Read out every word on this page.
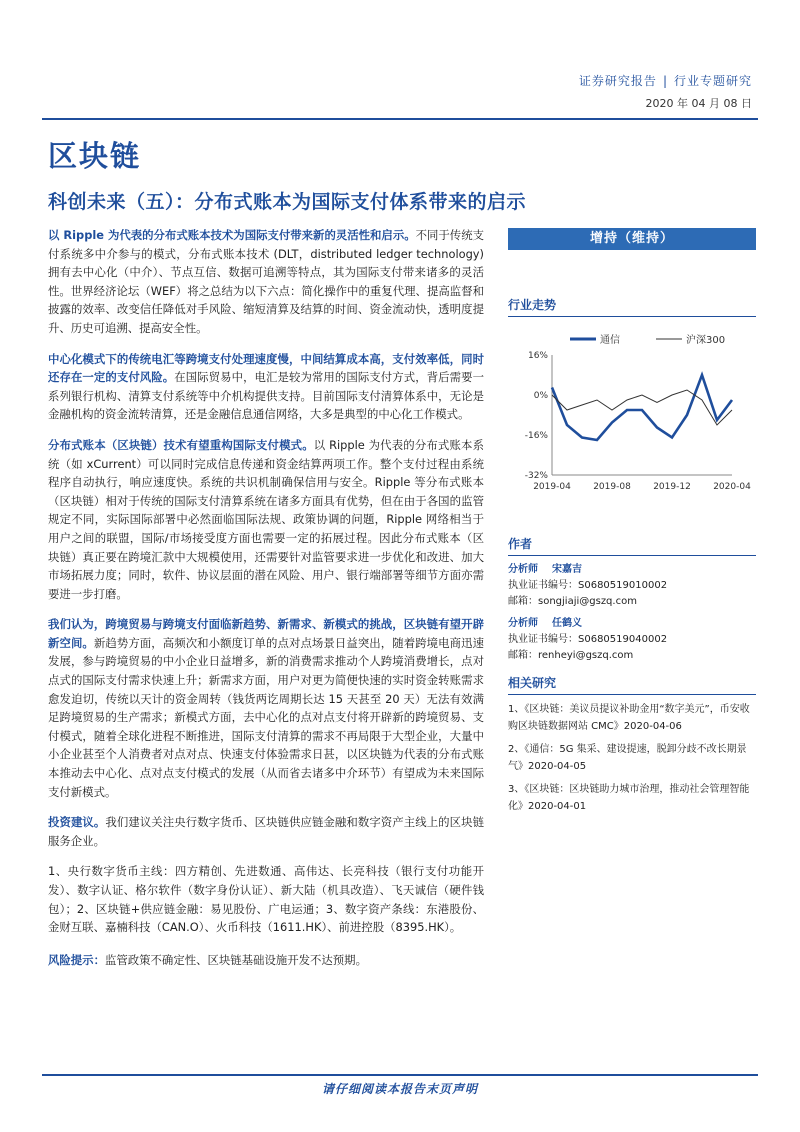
证券研究报告 | 行业专题研究
2020 年 04 月 08 日
区块链
科创未来（五）：分布式账本为国际支付体系带来的启示

以 Ripple 为代表的分布式账本技术为国际支付带来新的灵活性和启示。不同于传统支付系统多中介参与的模式，分布式账本技术 (DLT，distributed ledger technology)拥有去中心化（中介）、节点互信、数据可追溯等特点，其为国际支付带来诸多的灵活性。世界经济论坛（WEF）将之总结为以下六点：简化操作中的重复代理、提高监督和披露的效率、改变信任降低对手风险、缩短清算及结算的时间、资金流动快，透明度提升、历史可追溯、提高安全性。

中心化模式下的传统电汇等跨境支付处理速度慢，中间结算成本高，支付效率低，同时还存在一定的支付风险。在国际贸易中，电汇是较为常用的国际支付方式，背后需要一系列银行机构、清算支付系统等中介机构提供支持。目前国际支付清算体系中，无论是金融机构的资金流转清算，还是金融信息通信网络，大多是典型的中心化工作模式。

分布式账本（区块链）技术有望重构国际支付模式。以 Ripple 为代表的分布式账本系统（如 xCurrent）可以同时完成信息传递和资金结算两项工作。整个支付过程由系统程序自动执行，响应速度快。系统的共识机制确保信用与安全。Ripple 等分布式账本（区块链）相对于传统的国际支付清算系统在诸多方面具有优势，但在由于各国的监管规定不同，实际国际部署中必然面临国际法规、政策协调的问题，Ripple 网络相当于用户之间的联盟，国际/市场接受度方面也需要一定的拓展过程。因此分布式账本（区块链）真正要在跨境汇款中大规模使用，还需要针对监管要求进一步优化和改进、加大市场拓展力度；同时，软件、协议层面的潜在风险、用户、银行端部署等细节方面亦需要进一步打磨。

我们认为，跨境贸易与跨境支付面临新趋势、新需求、新模式的挑战，区块链有望开辟新空间。新趋势方面，高频次和小额度订单的点对点场景日益突出，随着跨境电商迅速发展，参与跨境贸易的中小企业日益增多，新的消费需求推动个人跨境消费增长，点对点式的国际支付需求快速上升；新需求方面，用户对更为简便快速的实时资金转账需求愈发迫切，传统以天计的资金周转（钱货两讫周期长达 15 天甚至 20 天）无法有效满足跨境贸易的生产需求；新模式方面，去中心化的点对点支付将开辟新的跨境贸易、支付模式，随着全球化进程不断推进，国际支付清算的需求不再局限于大型企业，大量中小企业甚至个人消费者对点对点、快速支付体验需求日甚，以区块链为代表的分布式账本推动去中心化、点对点支付模式的发展（从而省去诸多中介环节）有望成为未来国际支付新模式。

投资建议。我们建议关注央行数字货币、区块链供应链金融和数字资产主线上的区块链服务企业。

1、央行数字货币主线：四方精创、先进数通、高伟达、长亮科技（银行支付功能开发）、数字认证、格尔软件（数字身份认证）、新大陆（机具改造）、飞天诚信（硬件钱包）；2、区块链+供应链金融：易见股份、广电运通；3、数字资产条线：东港股份、金财互联、嘉楠科技（CAN.O）、火币科技（1611.HK）、前进控股（8395.HK）。

风险提示：监管政策不确定性、区块链基础设施开发不达预期。

增持（维持）
行业走势
16%
0%
-16%
-32%
2019-04 2019-08 2019-12 2020-04
通信	沪深300
作者
分析师 宋嘉吉
执业证书编号：S0680519010002
邮箱：songjiaji@gszq.com
分析师 任鹤义
执业证书编号：S0680519040002
邮箱：renheyi@gszq.com
相关研究
1、《区块链：美议员提议补助金用“数字美元”，币安收购区块链数据网站 CMC》2020-04-06
2、《通信：5G 集采、建设提速，脱卸分歧不改长期景气》2020-04-05
3、《区块链：区块链助力城市治理，推动社会管理智能化》2020-04-01
请仔细阅读本报告末页声明
